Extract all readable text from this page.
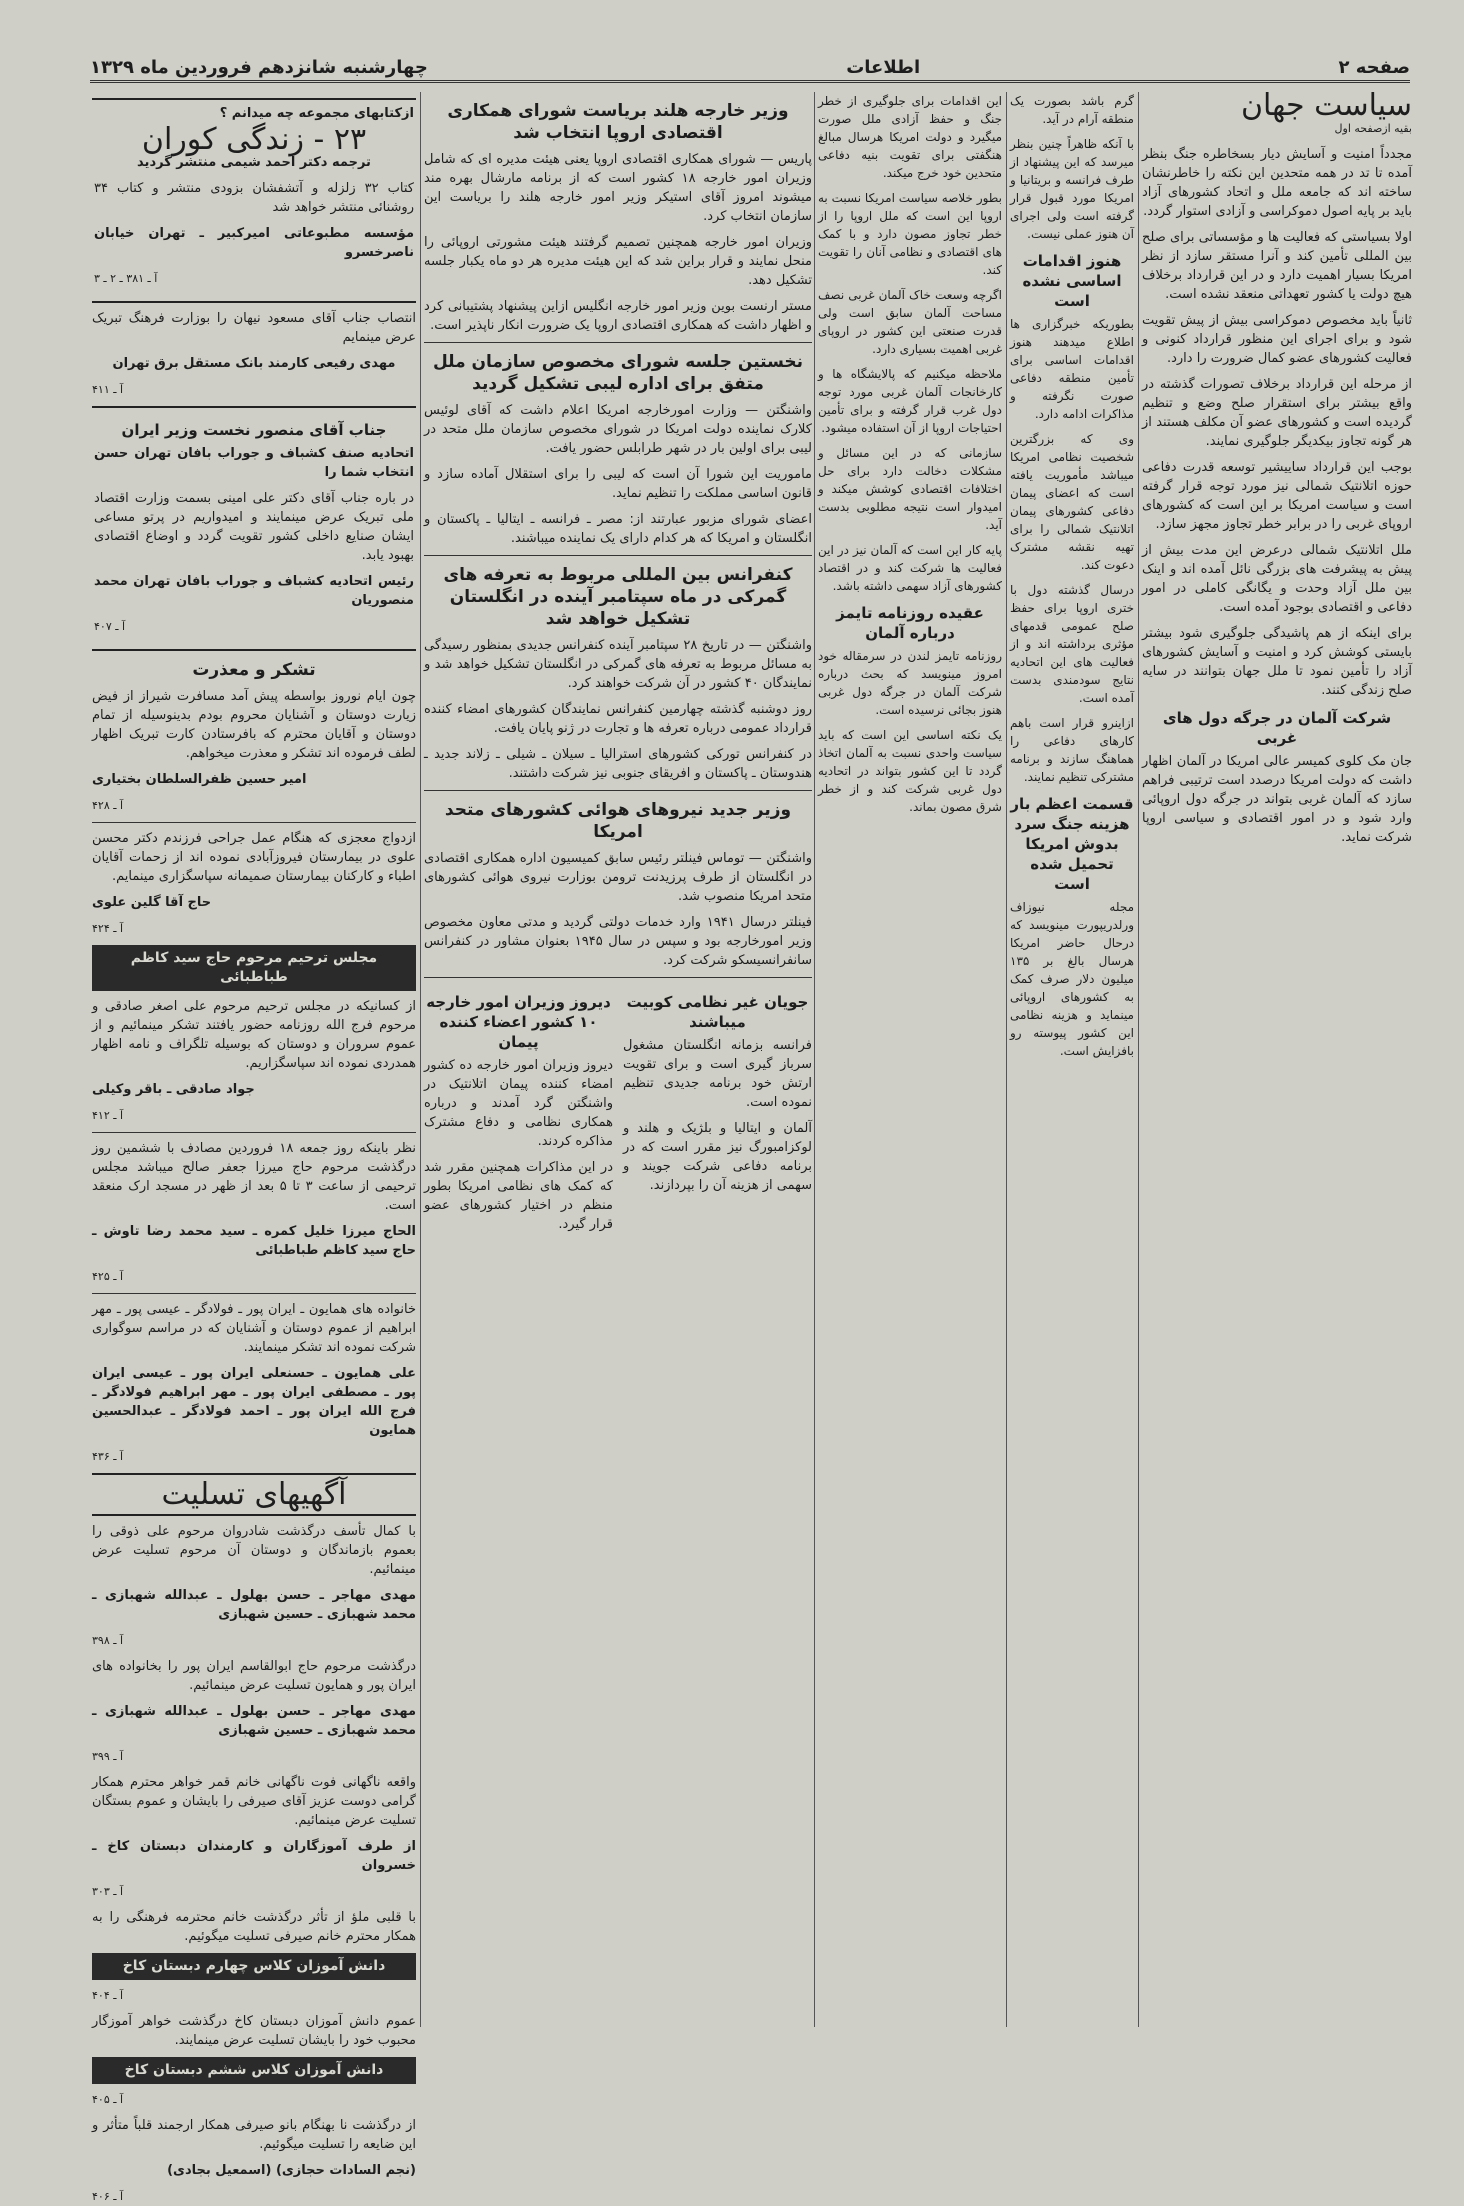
صفحه ۲
اطلاعات
چهارشنبه شانزدهم فروردین ماه ۱۳۲۹
سیاست جهان

بقیه ازصفحه اول

مجدداً امنیت و آسایش دیار بسخاطره جنگ بنظر آمده تا تد در همه متحدین این نکته را خاطرنشان ساخته اند که جامعه ملل و اتحاد کشورهای آزاد باید بر پایه اصول دموکراسی و آزادی استوار گردد.

اولا بسیاستی که فعالیت ها و مؤسساتی برای صلح بین المللی تأمین کند و آنرا مستقر سازد از نظر امریکا بسیار اهمیت دارد و در این قرارداد برخلاف هیچ دولت یا کشور تعهداتی منعقد نشده است.

ثانیاً باید مخصوص دموکراسی بیش از پیش تقویت شود و برای اجرای این منظور قرارداد کنونی و فعالیت کشورهای عضو کمال ضرورت را دارد.

از مرحله این قرارداد برخلاف تصورات گذشته در واقع بیشتر برای استقرار صلح وضع و تنظیم گردیده است و کشورهای عضو آن مکلف هستند از هر گونه تجاوز بیکدیگر جلوگیری نمایند.

بوجب این قرارداد ساییشیر توسعه قدرت دفاعی حوزه اتلانتیک شمالی نیز مورد توجه قرار گرفته است و سیاست امریکا بر این است که کشورهای اروپای غربی را در برابر خطر تجاوز مجهز سازد.

ملل اتلانتیک شمالی درعرض این مدت بیش از پیش به پیشرفت های بزرگی نائل آمده اند و اینک بین ملل آزاد وحدت و یگانگی کاملی در امور دفاعی و اقتصادی بوجود آمده است.

برای اینکه از هم پاشیدگی جلوگیری شود بیشتر بایستی کوشش کرد و امنیت و آسایش کشورهای آزاد را تأمین نمود تا ملل جهان بتوانند در سایه صلح زندگی کنند.

شرکت آلمان در جرگه دول های غربی

جان مک کلوی کمیسر عالی امریکا در آلمان اظهار داشت که دولت امریکا درصدد است ترتیبی فراهم سازد که آلمان غربی بتواند در جرگه دول اروپائی وارد شود و در امور اقتصادی و سیاسی اروپا شرکت نماید.

گرم باشد بصورت یک منطقه آرام در آید.

با آنکه ظاهراً چنین بنظر میرسد که این پیشنهاد از طرف فرانسه و بریتانیا و امریکا مورد قبول قرار گرفته است ولی اجرای آن هنوز عملی نیست.

هنوز اقدامات اساسی نشده است

بطوریکه خبرگزاری ها اطلاع میدهند هنوز اقدامات اساسی برای تأمین منطقه دفاعی صورت نگرفته و مذاکرات ادامه دارد.

وی که بزرگترین شخصیت نظامی امریکا میباشد مأموریت یافته است که اعضای پیمان دفاعی کشورهای پیمان اتلانتیک شمالی را برای تهیه نقشه مشترک دعوت کند.

درسال گذشته دول با ختری اروپا برای حفظ صلح عمومی قدمهای مؤثری برداشته اند و از فعالیت های این اتحادیه نتایج سودمندی بدست آمده است.

ازاینرو قرار است باهم کارهای دفاعی را هماهنگ سازند و برنامه مشترکی تنظیم نمایند.

قسمت اعظم بار هزینه جنگ سرد بدوش امریکا تحمیل شده است

مجله نیوزاف ورلدریپورت مینویسد که درحال حاضر امریکا هرسال بالغ بر ۱۳۵ میلیون دلار صرف کمک به کشورهای اروپائی مینماید و هزینه نظامی این کشور پیوسته رو بافزایش است.

این اقدامات برای جلوگیری از خطر جنگ و حفظ آزادی ملل صورت میگیرد و دولت امریکا هرسال مبالغ هنگفتی برای تقویت بنیه دفاعی متحدین خود خرج میکند.

بطور خلاصه سیاست امریکا نسبت به اروپا این است که ملل اروپا را از خطر تجاوز مصون دارد و با کمک های اقتصادی و نظامی آنان را تقویت کند.

اگرچه وسعت خاک آلمان غربی نصف مساحت آلمان سابق است ولی قدرت صنعتی این کشور در اروپای غربی اهمیت بسیاری دارد.

ملاحظه میکنیم که پالایشگاه ها و کارخانجات آلمان غربی مورد توجه دول غرب قرار گرفته و برای تأمین احتیاجات اروپا از آن استفاده میشود.

سازمانی که در این مسائل و مشکلات دخالت دارد برای حل اختلافات اقتصادی کوشش میکند و امیدوار است نتیجه مطلوبی بدست آید.

پایه کار این است که آلمان نیز در این فعالیت ها شرکت کند و در اقتصاد کشورهای آزاد سهمی داشته باشد.

عقیده روزنامه تایمز درباره آلمان

روزنامه تایمز لندن در سرمقاله خود امروز مینویسد که بحث درباره شرکت آلمان در جرگه دول غربی هنوز بجائی نرسیده است.

یک نکته اساسی این است که باید سیاست واحدی نسبت به آلمان اتخاذ گردد تا این کشور بتواند در اتحادیه دول غربی شرکت کند و از خطر شرق مصون بماند.

وزیر خارجه هلند بریاست شورای همکاری اقتصادی اروپا انتخاب شد

پاریس — شورای همکاری اقتصادی اروپا یعنی هیئت مدیره ای که شامل وزیران امور خارجه ۱۸ کشور است که از برنامه مارشال بهره مند میشوند امروز آقای استیکر وزیر امور خارجه هلند را بریاست این سازمان انتخاب کرد.

وزیران امور خارجه همچنین تصمیم گرفتند هیئت مشورتی اروپائی را منحل نمایند و قرار براین شد که این هیئت مدیره هر دو ماه یکبار جلسه تشکیل دهد.

مستر ارنست بوین وزیر امور خارجه انگلیس ازاین پیشنهاد پشتیبانی کرد و اظهار داشت که همکاری اقتصادی اروپا یک ضرورت انکار ناپذیر است.

نخستین جلسه شورای مخصوص سازمان ملل متفق برای اداره لیبی تشکیل گردید

واشنگتن — وزارت امورخارجه امریکا اعلام داشت که آقای لوئیس کلارک نماینده دولت امریکا در شورای مخصوص سازمان ملل متحد در لیبی برای اولین بار در شهر طرابلس حضور یافت.

ماموریت این شورا آن است که لیبی را برای استقلال آماده سازد و قانون اساسی مملکت را تنظیم نماید.

اعضای شورای مزبور عبارتند از: مصر ـ فرانسه ـ ایتالیا ـ پاکستان و انگلستان و امریکا که هر کدام دارای یک نماینده میباشند.

کنفرانس بین المللی مربوط به تعرفه های گمرکی در ماه سپتامبر آینده در انگلستان تشکیل خواهد شد

واشنگتن — در تاریخ ۲۸ سپتامبر آینده کنفرانس جدیدی بمنظور رسیدگی به مسائل مربوط به تعرفه های گمرکی در انگلستان تشکیل خواهد شد و نمایندگان ۴۰ کشور در آن شرکت خواهند کرد.

روز دوشنبه گذشته چهارمین کنفرانس نمایندگان کشورهای امضاء کننده قرارداد عمومی درباره تعرفه ها و تجارت در ژنو پایان یافت.

در کنفرانس تورکی کشورهای استرالیا ـ سیلان ـ شیلی ـ زلاند جدید ـ هندوستان ـ پاکستان و افریقای جنوبی نیز شرکت داشتند.

وزیر جدید نیروهای هوائی کشورهای متحد امریکا

واشنگتن — توماس فینلتر رئیس سابق کمیسیون اداره همکاری اقتصادی در انگلستان از طرف پرزیدنت ترومن بوزارت نیروی هوائی کشورهای متحد امریکا منصوب شد.

فینلتر درسال ۱۹۴۱ وارد خدمات دولتی گردید و مدتی معاون مخصوص وزیر امورخارجه بود و سپس در سال ۱۹۴۵ بعنوان مشاور در کنفرانس سانفرانسیسکو شرکت کرد.

جویان غیر نظامی کوبیت میباشند

فرانسه بزمانه انگلستان مشغول سرباز گیری است و برای تقویت ارتش خود برنامه جدیدی تنظیم نموده است.

آلمان و ایتالیا و بلژیک و هلند و لوکزامبورگ نیز مقرر است که در برنامه دفاعی شرکت جویند و سهمی از هزینه آن را بپردازند.

دیروز وزیران امور خارجه ۱۰ کشور اعضاء کننده پیمان

دیروز وزیران امور خارجه ده کشور امضاء کننده پیمان اتلانتیک در واشنگتن گرد آمدند و درباره همکاری نظامی و دفاع مشترک مذاکره کردند.

در این مذاکرات همچنین مقرر شد که کمک های نظامی امریکا بطور منظم در اختیار کشورهای عضو قرار گیرد.

ازکتابهای مجموعه چه میدانم ؟

۲۳ - زندگی کوران

ترجمه دکتر احمد شیمی منتشر گردید

کتاب ۳۲ زلزله و آتشفشان بزودی منتشر و کتاب ۳۴ روشنائی منتشر خواهد شد

مؤسسه مطبوعاتی امیرکبیر ـ تهران خیابان ناصرخسرو

آ ـ ۳۸۱ ـ ۲ ـ ۳

انتصاب جناب آقای مسعود نیهان را بوزارت فرهنگ تبریک عرض مینمایم

مهدی رفیعی کارمند بانک مستقل برق تهران

آ ـ ۴۱۱

جناب آقای منصور نخست وزیر ایران

اتحادیه صنف کشباف و جوراب بافان تهران حسن انتخاب شما را

در باره جناب آقای دکتر علی امینی بسمت وزارت اقتصاد ملی تبریک عرض مینمایند و امیدواریم در پرتو مساعی ایشان صنایع داخلی کشور تقویت گردد و اوضاع اقتصادی بهبود یابد.

رئیس اتحادیه کشباف و جوراب بافان تهران محمد منصوریان

آ ـ ۴۰۷

تشکر و معذرت

چون ایام نوروز بواسطه پیش آمد مسافرت شیراز از فیض زیارت دوستان و آشنایان محروم بودم بدینوسیله از تمام دوستان و آقایان محترم که بافرستادن کارت تبریک اظهار لطف فرموده اند تشکر و معذرت میخواهم.

امیر حسین ظفرالسلطان بختیاری

آ ـ ۴۲۸

ازدواج معجزی که هنگام عمل جراحی فرزندم دکتر محسن علوی در بیمارستان فیروزآبادی نموده اند از زحمات آقایان اطباء و کارکنان بیمارستان صمیمانه سپاسگزاری مینمایم.

حاج آقا گلین علوی

آ ـ ۴۲۴

مجلس ترحیم مرحوم حاج سید کاظم طباطبائی

از کسانیکه در مجلس ترحیم مرحوم علی اصغر صادقی و مرحوم فرج الله روزنامه حضور یافتند تشکر مینمائیم و از عموم سروران و دوستان که بوسیله تلگراف و نامه اظهار همدردی نموده اند سپاسگزاریم.

جواد صادقی ـ باقر وکیلی

آ ـ ۴۱۲

نظر باینکه روز جمعه ۱۸ فروردین مصادف با ششمین روز درگذشت مرحوم حاج میرزا جعفر صالح میباشد مجلس ترحیمی از ساعت ۳ تا ۵ بعد از ظهر در مسجد ارک منعقد است.

الحاج میرزا خلیل کمره ـ سید محمد رضا تاوش ـ حاج سید کاظم طباطبائی

آ ـ ۴۲۵

خانواده های همایون ـ ایران پور ـ فولادگر ـ عیسی پور ـ مهر ابراهیم از عموم دوستان و آشنایان که در مراسم سوگواری شرکت نموده اند تشکر مینمایند.

علی همایون ـ حسنعلی ایران پور ـ عیسی ایران پور ـ مصطفی ایران پور ـ مهر ابراهیم فولادگر ـ فرج الله ایران پور ـ احمد فولادگر ـ عبدالحسین همایون

آ ـ ۴۳۶

آگهیهای تسلیت

با کمال تأسف درگذشت شادروان مرحوم علی ذوقی را بعموم بازماندگان و دوستان آن مرحوم تسلیت عرض مینمائیم.

مهدی مهاجر ـ حسن بهلول ـ عبدالله شهبازی ـ محمد شهبازی ـ حسین شهبازی

آ ـ ۳۹۸

درگذشت مرحوم حاج ابوالقاسم ایران پور را بخانواده های ایران پور و همایون تسلیت عرض مینمائیم.

مهدی مهاجر ـ حسن بهلول ـ عبدالله شهبازی ـ محمد شهبازی ـ حسین شهبازی

آ ـ ۳۹۹

واقعه ناگهانی فوت ناگهانی خانم قمر خواهر محترم همکار گرامی دوست عزیز آقای صیرفی را بایشان و عموم بستگان تسلیت عرض مینمائیم.

از طرف آموزگاران و کارمندان دبستان کاخ ـ خسروان

آ ـ ۳۰۳

با قلبی ملؤ از تأثر درگذشت خانم محترمه فرهنگی را به همکار محترم خانم صیرفی تسلیت میگوئیم.

دانش آموزان کلاس چهارم دبستان کاخ

آ ـ ۴۰۴

عموم دانش آموزان دبستان کاخ درگذشت خواهر آموزگار محبوب خود را بایشان تسلیت عرض مینمایند.

دانش آموزان کلاس ششم دبستان کاخ

آ ـ ۴۰۵

از درگذشت نا بهنگام بانو صیرفی همکار ارجمند قلباً متأثر و این ضایعه را تسلیت میگوئیم.

(نجم السادات حجازی) (اسمعیل بجادی)

آ ـ ۴۰۶
